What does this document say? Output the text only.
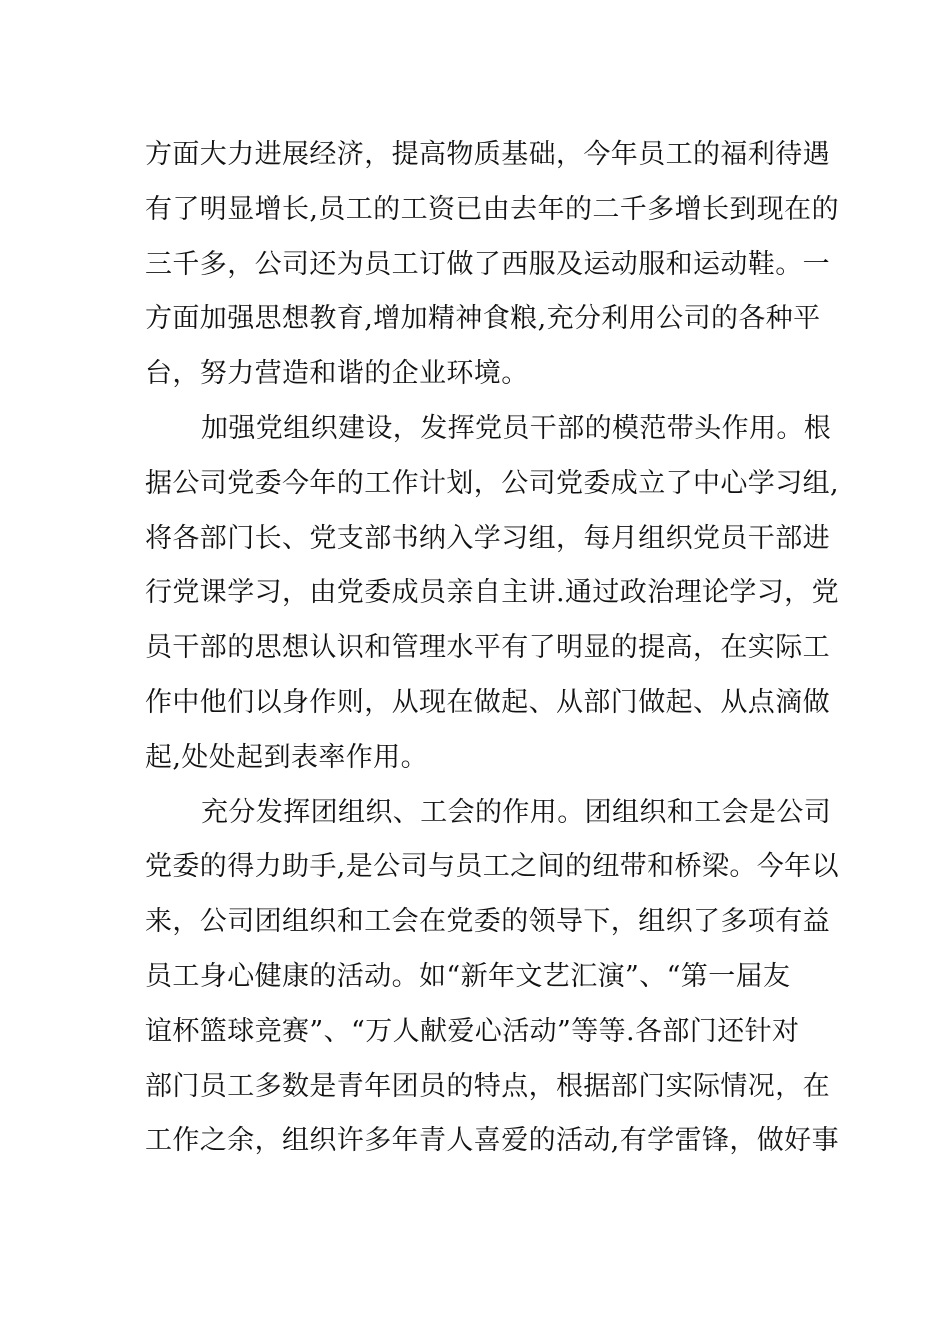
方面大力进展经济，提高物质基础，今年员工的福利待遇
有了明显增长,员工的工资已由去年的二千多增长到现在的
三千多，公司还为员工订做了西服及运动服和运动鞋。一
方面加强思想教育,增加精神食粮,充分利用公司的各种平
台，努力营造和谐的企业环境。
加强党组织建设，发挥党员干部的模范带头作用。根
据公司党委今年的工作计划，公司党委成立了中心学习组,
将各部门长、党支部书纳入学习组，每月组织党员干部进
行党课学习，由党委成员亲自主讲.通过政治理论学习，党
员干部的思想认识和管理水平有了明显的提高，在实际工
作中他们以身作则，从现在做起、从部门做起、从点滴做
起,处处起到表率作用。
充分发挥团组织、工会的作用。团组织和工会是公司
党委的得力助手,是公司与员工之间的纽带和桥梁。今年以
来，公司团组织和工会在党委的领导下，组织了多项有益
员工身心健康的活动。如“新年文艺汇演”、“第一届友
谊杯篮球竞赛”、“万人献爱心活动”等等.各部门还针对
部门员工多数是青年团员的特点，根据部门实际情况，在
工作之余，组织许多年青人喜爱的活动,有学雷锋，做好事
